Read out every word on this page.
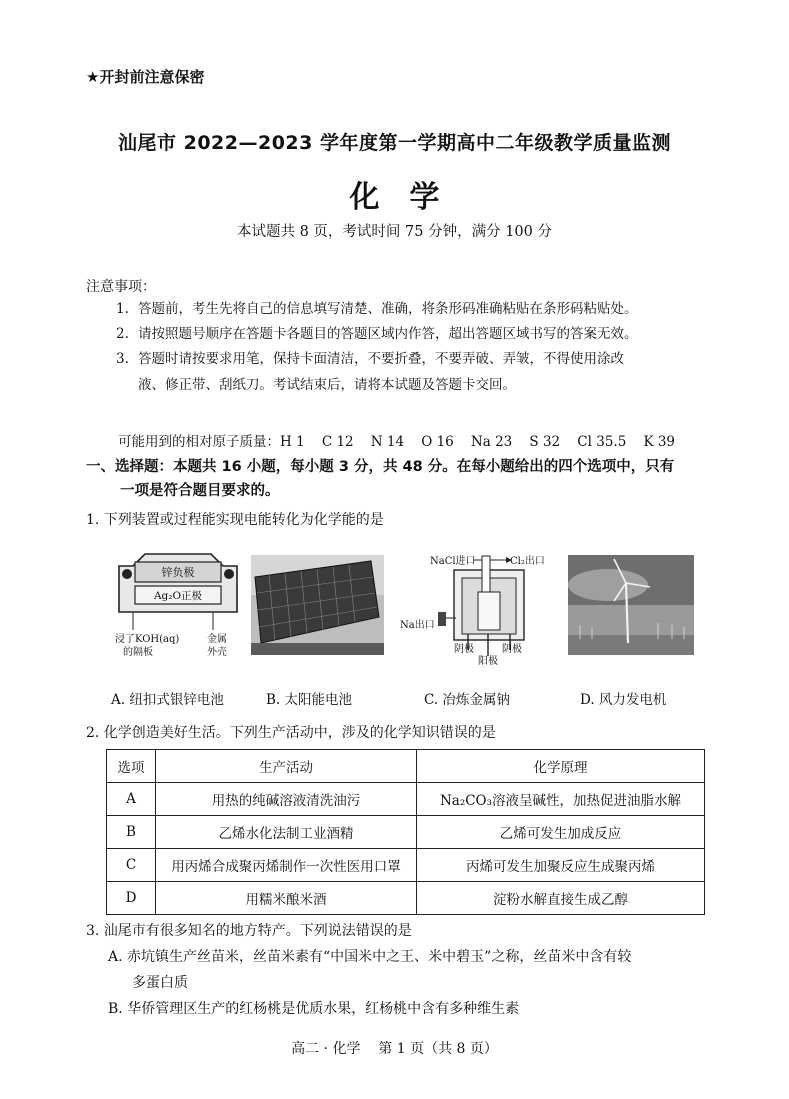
★开封前注意保密
汕尾市 2022—2023 学年度第一学期高中二年级教学质量监测
化学
本试题共 8 页，考试时间 75 分钟，满分 100 分
注意事项：
1. 答题前，考生先将自己的信息填写清楚、准确，将条形码准确粘贴在条形码粘贴处。
2. 请按照题号顺序在答题卡各题目的答题区域内作答，超出答题区域书写的答案无效。
3. 答题时请按要求用笔，保持卡面清洁，不要折叠，不要弄破、弄皱，不得使用涂改
液、修正带、刮纸刀。考试结束后，请将本试题及答题卡交回。
可能用到的相对原子质量：H 1    C 12    N 14    O 16    Na 23    S 32    Cl 35.5    K 39
一、选择题：本题共 16 小题，每小题 3 分，共 48 分。在每小题给出的四个选项中，只有
一项是符合题目要求的。
1. 下列装置或过程能实现电能转化为化学能的是
锌负极
Ag₂O正极
浸了KOH(aq)
的隔板
金属
外壳
NaCl进口	Cl₂出口
Na出口
阴极	阴极
阳极
A. 纽扣式银锌电池	B. 太阳能电池	C. 冶炼金属钠	D. 风力发电机
2. 化学创造美好生活。下列生产活动中，涉及的化学知识错误的是
选项	生产活动	化学原理
A	用热的纯碱溶液清洗油污	Na₂CO₃溶液呈碱性，加热促进油脂水解
B	乙烯水化法制工业酒精	乙烯可发生加成反应
C	用丙烯合成聚丙烯制作一次性医用口罩	丙烯可发生加聚反应生成聚丙烯
D	用糯米酿米酒	淀粉水解直接生成乙醇
3. 汕尾市有很多知名的地方特产。下列说法错误的是
A. 赤坑镇生产丝苗米，丝苗米素有“中国米中之王、米中碧玉”之称，丝苗米中含有较
多蛋白质
B. 华侨管理区生产的红杨桃是优质水果，红杨桃中含有多种维生素
高二 · 化学    第 1 页（共 8 页）
